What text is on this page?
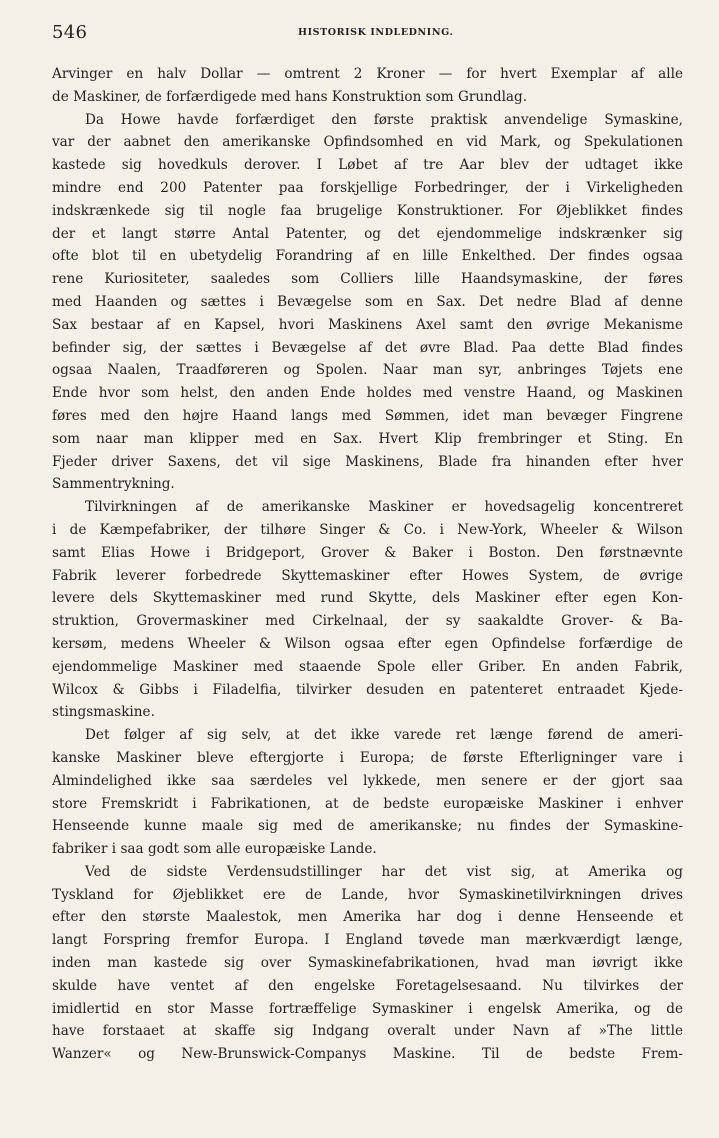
546	HISTORISK INDLEDNING.
Arvinger en halv Dollar — omtrent 2 Kroner — for hvert Exemplar af alle
de Maskiner, de forfærdigede med hans Konstruktion som Grundlag.
Da Howe havde forfærdiget den første praktisk anvendelige Symaskine,
var der aabnet den amerikanske Opfindsomhed en vid Mark, og Spekulationen
kastede sig hovedkuls derover. I Løbet af tre Aar blev der udtaget ikke
mindre end 200 Patenter paa forskjellige Forbedringer, der i Virkeligheden
indskrænkede sig til nogle faa brugelige Konstruktioner. For Øjeblikket findes
der et langt større Antal Patenter, og det ejendommelige indskrænker sig
ofte blot til en ubetydelig Forandring af en lille Enkelthed. Der findes ogsaa
rene Kuriositeter, saaledes som Colliers lille Haandsymaskine, der føres
med Haanden og sættes i Bevægelse som en Sax. Det nedre Blad af denne
Sax bestaar af en Kapsel, hvori Maskinens Axel samt den øvrige Mekanisme
befinder sig, der sættes i Bevægelse af det øvre Blad. Paa dette Blad findes
ogsaa Naalen, Traadføreren og Spolen. Naar man syr, anbringes Tøjets ene
Ende hvor som helst, den anden Ende holdes med venstre Haand, og Maskinen
føres med den højre Haand langs med Sømmen, idet man bevæger Fingrene
som naar man klipper med en Sax. Hvert Klip frembringer et Sting. En
Fjeder driver Saxens, det vil sige Maskinens, Blade fra hinanden efter hver
Sammentrykning.
Tilvirkningen af de amerikanske Maskiner er hovedsagelig koncentreret
i de Kæmpefabriker, der tilhøre Singer & Co. i New-York, Wheeler & Wilson
samt Elias Howe i Bridgeport, Grover & Baker i Boston. Den førstnævnte
Fabrik leverer forbedrede Skyttemaskiner efter Howes System, de øvrige
levere dels Skyttemaskiner med rund Skytte, dels Maskiner efter egen Kon-
struktion, Grovermaskiner med Cirkelnaal, der sy saakaldte Grover- & Ba-
kersøm, medens Wheeler & Wilson ogsaa efter egen Opfindelse forfærdige de
ejendommelige Maskiner med staaende Spole eller Griber. En anden Fabrik,
Wilcox & Gibbs i Filadelfia, tilvirker desuden en patenteret entraadet Kjede-
stingsmaskine.
Det følger af sig selv, at det ikke varede ret længe førend de ameri-
kanske Maskiner bleve eftergjorte i Europa; de første Efterligninger vare i
Almindelighed ikke saa særdeles vel lykkede, men senere er der gjort saa
store Fremskridt i Fabrikationen, at de bedste europæiske Maskiner i enhver
Henseende kunne maale sig med de amerikanske; nu findes der Symaskine-
fabriker i saa godt som alle europæiske Lande.
Ved de sidste Verdensudstillinger har det vist sig, at Amerika og
Tyskland for Øjeblikket ere de Lande, hvor Symaskinetilvirkningen drives
efter den største Maalestok, men Amerika har dog i denne Henseende et
langt Forspring fremfor Europa. I England tøvede man mærkværdigt længe,
inden man kastede sig over Symaskinefabrikationen, hvad man iøvrigt ikke
skulde have ventet af den engelske Foretagelsesaand. Nu tilvirkes der
imidlertid en stor Masse fortræffelige Symaskiner i engelsk Amerika, og de
have forstaaet at skaffe sig Indgang overalt under Navn af »The little
Wanzer« og New-Brunswick-Companys Maskine. Til de bedste Frem-
